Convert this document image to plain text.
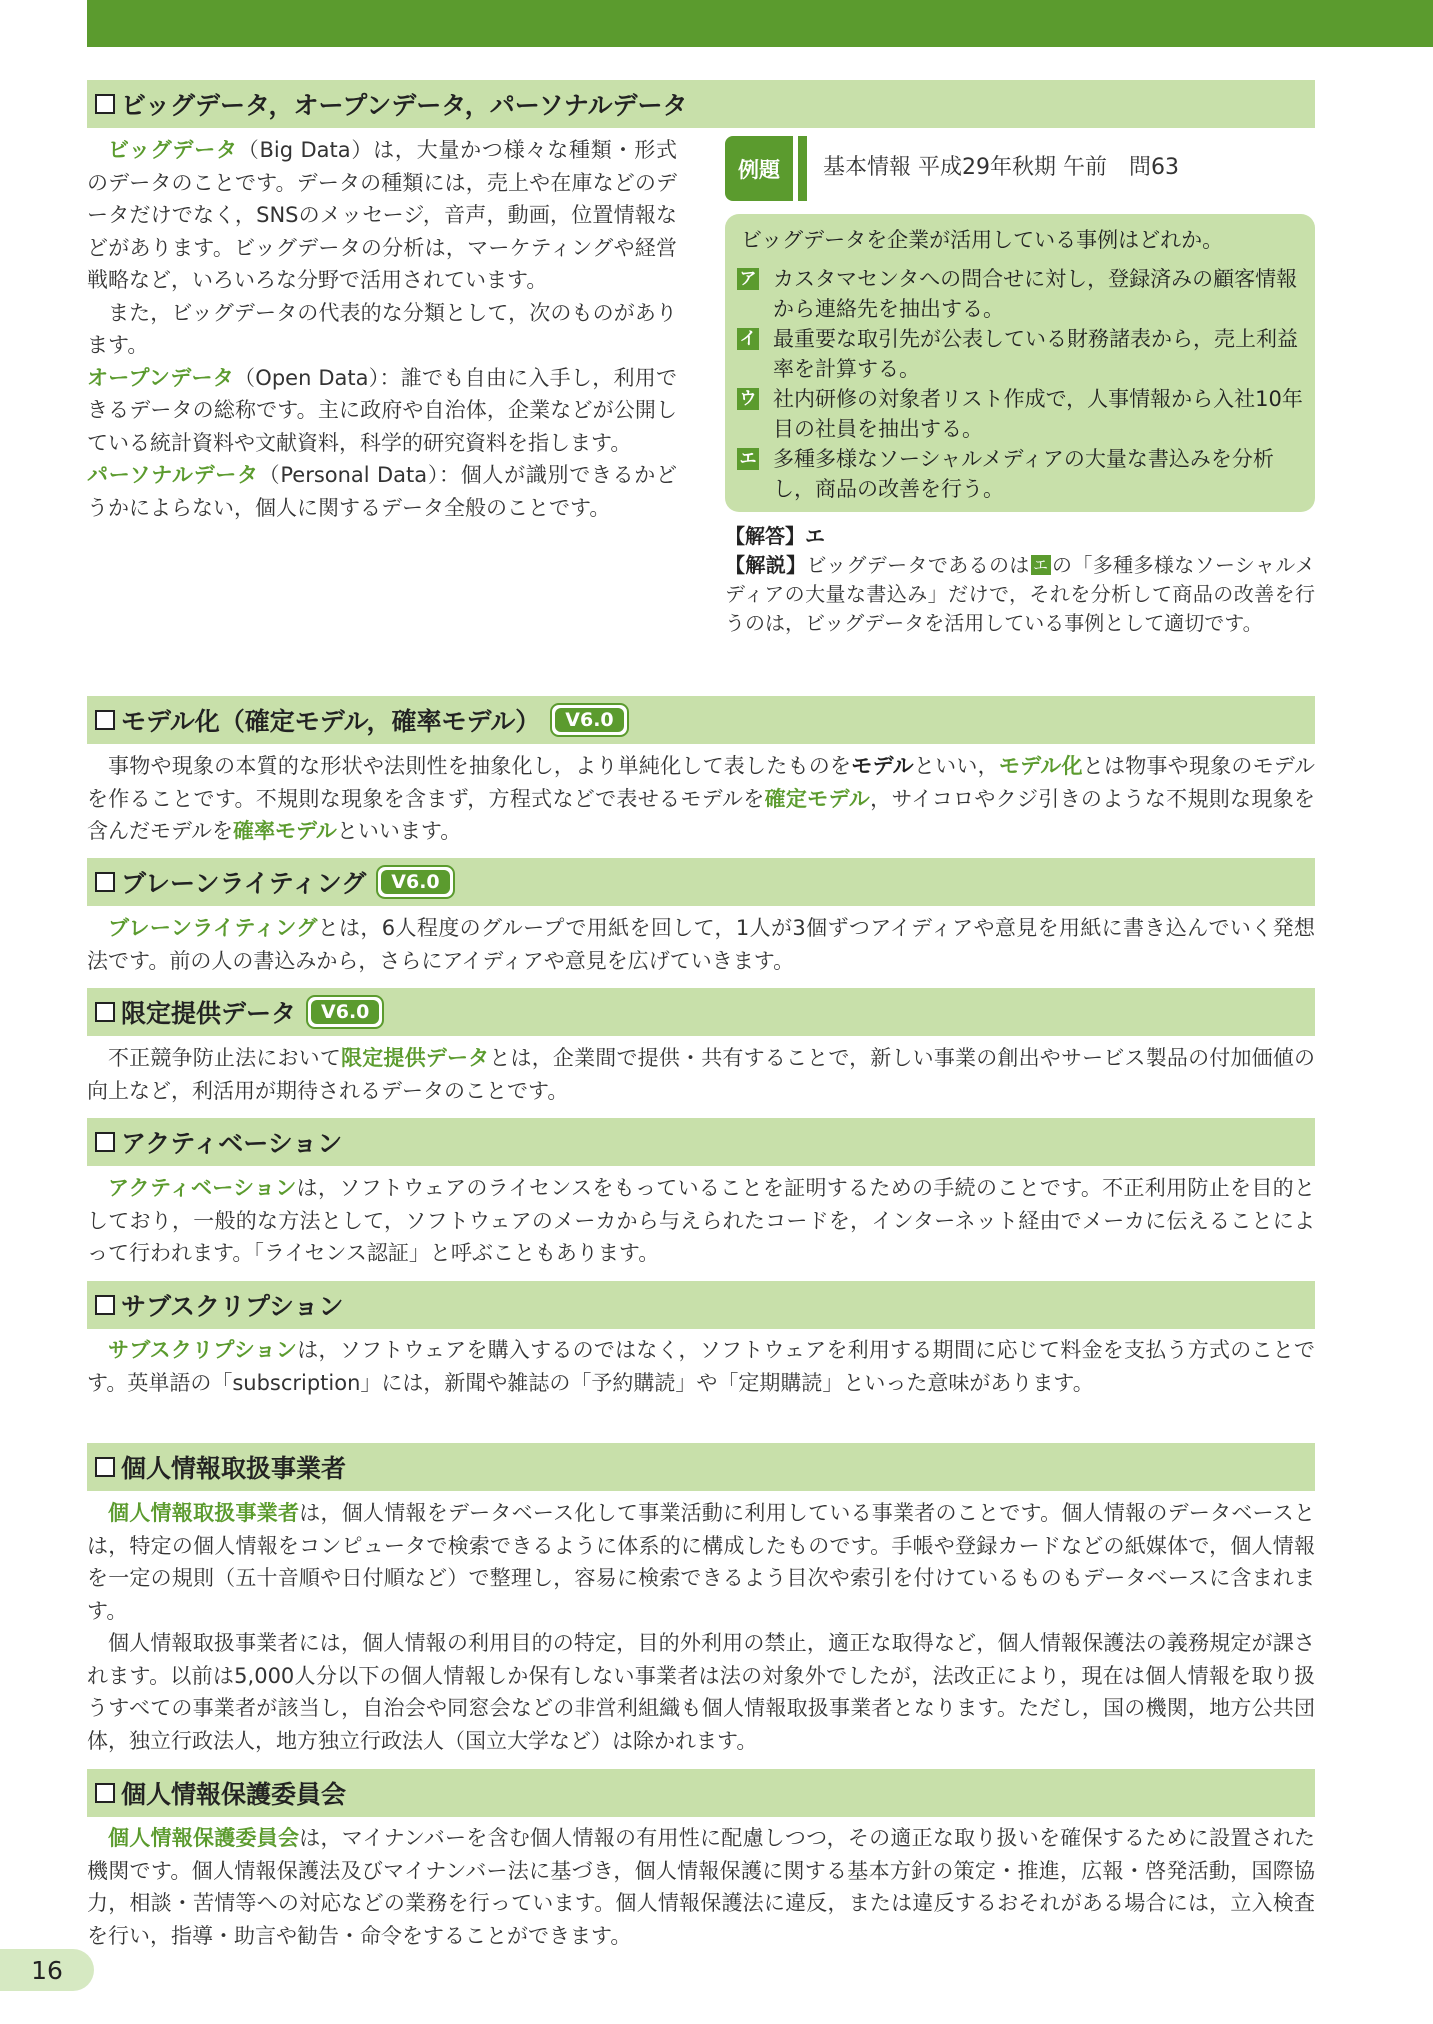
ビッグデータ，オープンデータ，パーソナルデータ

ビッグデータ（Big Data）は，大量かつ様々な種類・形式のデータのことです。データの種類には，売上や在庫などのデータだけでなく，SNSのメッセージ，音声，動画，位置情報などがあります。ビッグデータの分析は，マーケティングや経営戦略など，いろいろな分野で活用されています。

また，ビッグデータの代表的な分類として，次のものがあります。

オープンデータ（Open Data）：誰でも自由に入手し，利用できるデータの総称です。主に政府や自治体，企業などが公開している統計資料や文献資料，科学的研究資料を指します。

パーソナルデータ（Personal Data）：個人が識別できるかどうかによらない，個人に関するデータ全般のことです。

例題	基本情報 平成29年秋期 午前　問63
ビッグデータを企業が活用している事例はどれか。
ア カスタマセンタへの問合せに対し，登録済みの顧客情報から連絡先を抽出する。
イ 最重要な取引先が公表している財務諸表から，売上利益率を計算する。
ウ 社内研修の対象者リスト作成で，人事情報から入社10年目の社員を抽出する。
エ 多種多様なソーシャルメディアの大量な書込みを分析し，商品の改善を行う。
【解答】エ

【解説】ビッグデータであるのは エ の「多種多様なソーシャルメディアの大量な書込み」だけで，それを分析して商品の改善を行うのは，ビッグデータを活用している事例として適切です。

モデル化（確定モデル，確率モデル）	V6.0

事物や現象の本質的な形状や法則性を抽象化し，より単純化して表したものをモデルといい，モデル化とは物事や現象のモデルを作ることです。不規則な現象を含まず，方程式などで表せるモデルを確定モデル，サイコロやクジ引きのような不規則な現象を含んだモデルを確率モデルといいます。

ブレーンライティング	V6.0

ブレーンライティングとは，6人程度のグループで用紙を回して，1人が3個ずつアイディアや意見を用紙に書き込んでいく発想法です。前の人の書込みから，さらにアイディアや意見を広げていきます。

限定提供データ	V6.0

不正競争防止法において限定提供データとは，企業間で提供・共有することで，新しい事業の創出やサービス製品の付加価値の向上など，利活用が期待されるデータのことです。

アクティベーション

アクティベーションは，ソフトウェアのライセンスをもっていることを証明するための手続のことです。不正利用防止を目的としており，一般的な方法として，ソフトウェアのメーカから与えられたコードを，インターネット経由でメーカに伝えることによって行われます。「ライセンス認証」と呼ぶこともあります。

サブスクリプション

サブスクリプションは，ソフトウェアを購入するのではなく，ソフトウェアを利用する期間に応じて料金を支払う方式のことです。英単語の「subscription」には，新聞や雑誌の「予約購読」や「定期購読」といった意味があります。

個人情報取扱事業者

個人情報取扱事業者は，個人情報をデータベース化して事業活動に利用している事業者のことです。個人情報のデータベースとは，特定の個人情報をコンピュータで検索できるように体系的に構成したものです。手帳や登録カードなどの紙媒体で，個人情報を一定の規則（五十音順や日付順など）で整理し，容易に検索できるよう目次や索引を付けているものもデータベースに含まれます。

個人情報取扱事業者には，個人情報の利用目的の特定，目的外利用の禁止，適正な取得など，個人情報保護法の義務規定が課されます。以前は5,000人分以下の個人情報しか保有しない事業者は法の対象外でしたが，法改正により，現在は個人情報を取り扱うすべての事業者が該当し，自治会や同窓会などの非営利組織も個人情報取扱事業者となります。ただし，国の機関，地方公共団体，独立行政法人，地方独立行政法人（国立大学など）は除かれます。

個人情報保護委員会

個人情報保護委員会は，マイナンバーを含む個人情報の有用性に配慮しつつ，その適正な取り扱いを確保するために設置された機関です。個人情報保護法及びマイナンバー法に基づき，個人情報保護に関する基本方針の策定・推進，広報・啓発活動，国際協力，相談・苦情等への対応などの業務を行っています。個人情報保護法に違反，または違反するおそれがある場合には，立入検査を行い，指導・助言や勧告・命令をすることができます。

16
